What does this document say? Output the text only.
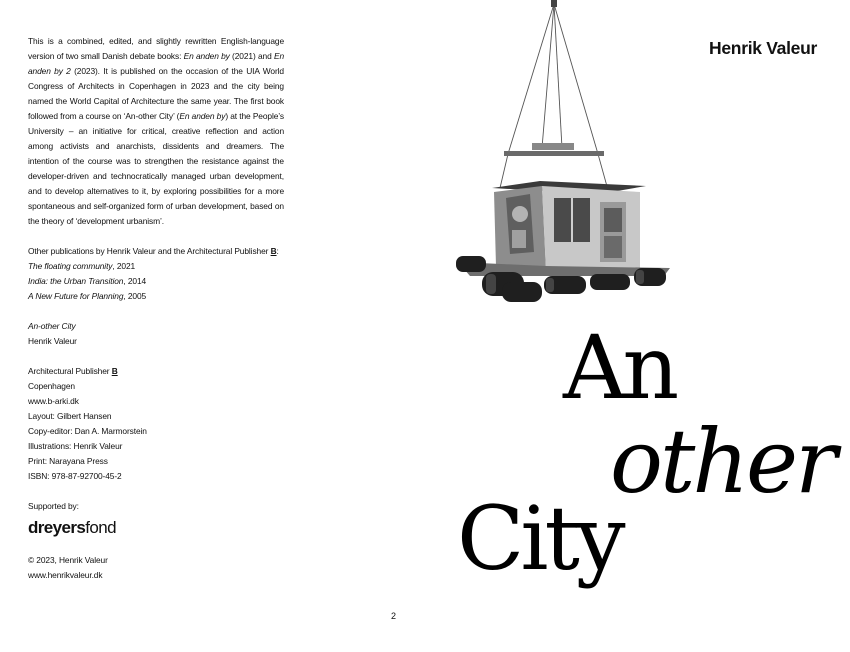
This is a combined, edited, and slightly rewritten English-language version of two small Danish debate books: En anden by (2021) and En anden by 2 (2023). It is published on the occasion of the UIA World Congress of Architects in Copenhagen in 2023 and the city being named the World Capital of Architecture the same year. The first book followed from a course on ‘An-other City’ (En anden by) at the People’s University – an initiative for critical, creative reflection and action among activists and anarchists, dissidents and dreamers. The intention of the course was to strengthen the resistance against the developer-driven and technocratically managed urban development, and to develop alternatives to it, by exploring possibilities for a more spontaneous and self-organized form of urban development, based on the theory of ‘development urbanism’.

Other publications by Henrik Valeur and the Architectural Publisher B:

The floating community, 2021

India: the Urban Transition, 2014

A New Future for Planning, 2005

An-other City

Henrik Valeur

Architectural Publisher B

Copenhagen

www.b-arki.dk

Layout: Gilbert Hansen

Copy-editor: Dan A. Marmorstein

Illustrations: Henrik Valeur

Print: Narayana Press

ISBN: 978-87-92700-45-2

Supported by:

dreyersfond

© 2023, Henrik Valeur

www.henrikvaleur.dk

Henrik Valeur
An
other
City
2
